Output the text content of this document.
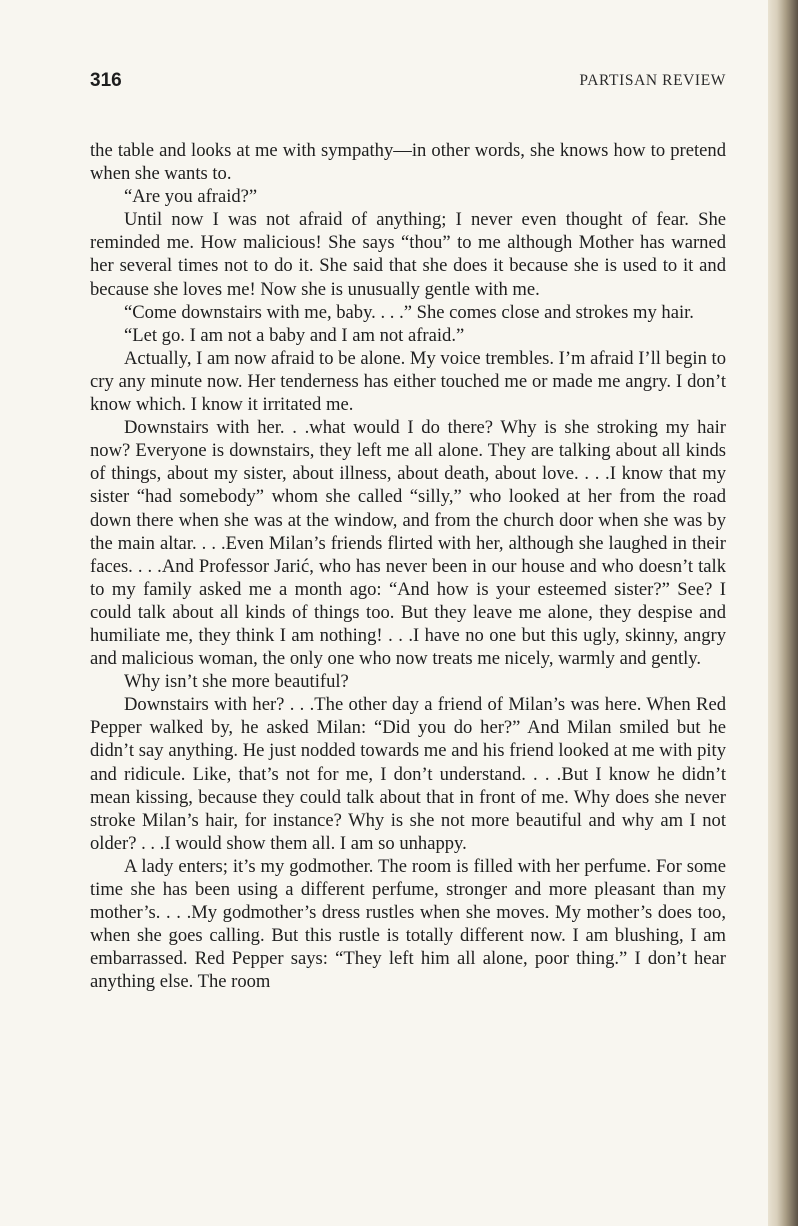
316	PARTISAN REVIEW

the table and looks at me with sympathy—in other words, she knows how to pretend when she wants to.

“Are you afraid?”

Until now I was not afraid of anything; I never even thought of fear. She reminded me. How malicious! She says “thou” to me although Mother has warned her several times not to do it. She said that she does it because she is used to it and because she loves me! Now she is unusually gentle with me.

“Come downstairs with me, baby. . . .” She comes close and strokes my hair.

“Let go. I am not a baby and I am not afraid.”

Actually, I am now afraid to be alone. My voice trembles. I’m afraid I’ll begin to cry any minute now. Her tenderness has either touched me or made me angry. I don’t know which. I know it irritated me.

Downstairs with her. . .what would I do there? Why is she stroking my hair now? Everyone is downstairs, they left me all alone. They are talking about all kinds of things, about my sister, about illness, about death, about love. . . .I know that my sister “had somebody” whom she called “silly,” who looked at her from the road down there when she was at the window, and from the church door when she was by the main altar. . . .Even Milan’s friends flirted with her, although she laughed in their faces. . . .And Professor Jarić, who has never been in our house and who doesn’t talk to my family asked me a month ago: “And how is your esteemed sister?” See? I could talk about all kinds of things too. But they leave me alone, they despise and humiliate me, they think I am nothing! . . .I have no one but this ugly, skinny, angry and malicious woman, the only one who now treats me nicely, warmly and gently.

Why isn’t she more beautiful?

Downstairs with her? . . .The other day a friend of Milan’s was here. When Red Pepper walked by, he asked Milan: “Did you do her?” And Milan smiled but he didn’t say anything. He just nodded towards me and his friend looked at me with pity and ridicule. Like, that’s not for me, I don’t understand. . . .But I know he didn’t mean kissing, because they could talk about that in front of me. Why does she never stroke Milan’s hair, for instance? Why is she not more beautiful and why am I not older? . . .I would show them all. I am so unhappy.

A lady enters; it’s my godmother. The room is filled with her perfume. For some time she has been using a different perfume, stronger and more pleasant than my mother’s. . . .My godmother’s dress rustles when she moves. My mother’s does too, when she goes calling. But this rustle is totally different now. I am blushing, I am embarrassed. Red Pepper says: “They left him all alone, poor thing.” I don’t hear anything else. The room
